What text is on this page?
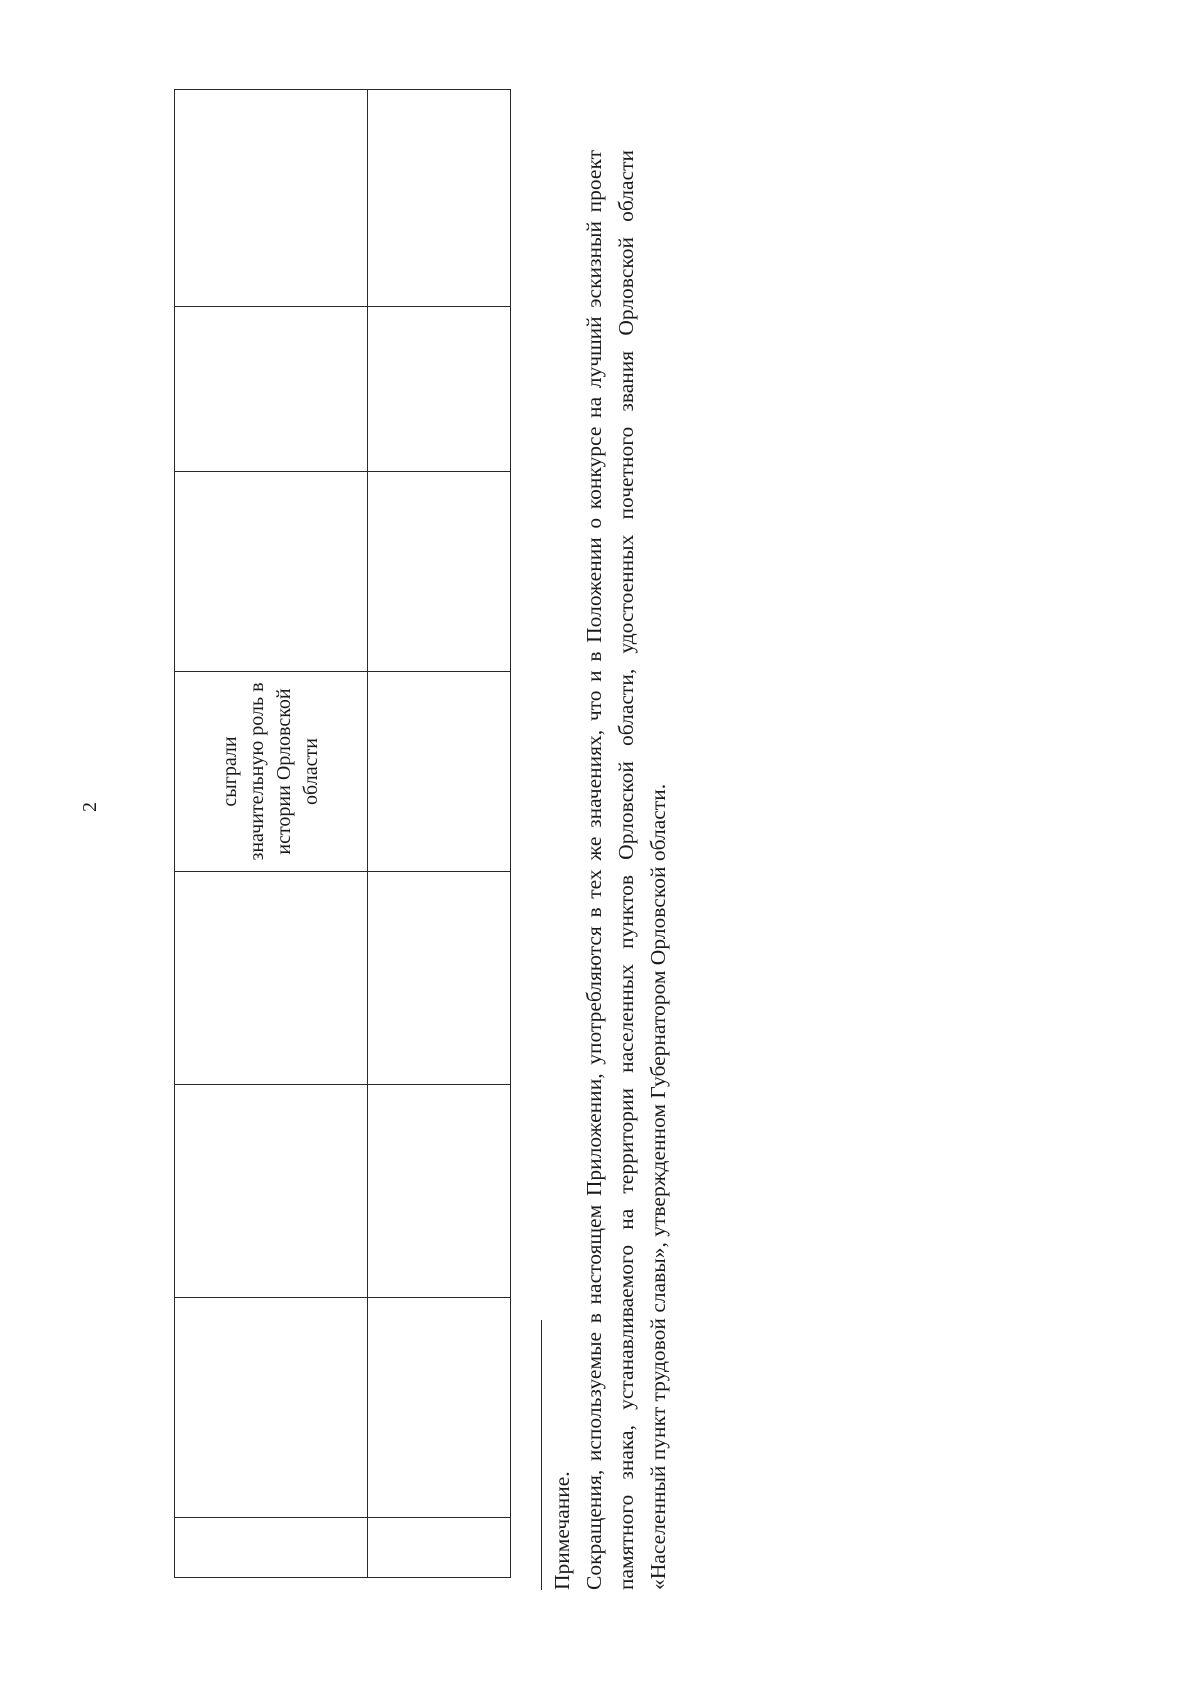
2

				сыграли значительную роль в истории Орловской области			

Примечание. Сокращения, используемые в настоящем Приложении, употребляются в тех же значениях, что и в Положении о конкурсе на лучший эскизный проект памятного знака, устанавливаемого на территории населенных пунктов Орловской области, удостоенных почетного звания Орловской области «Населенный пункт трудовой славы», утвержденном Губернатором Орловской области.
